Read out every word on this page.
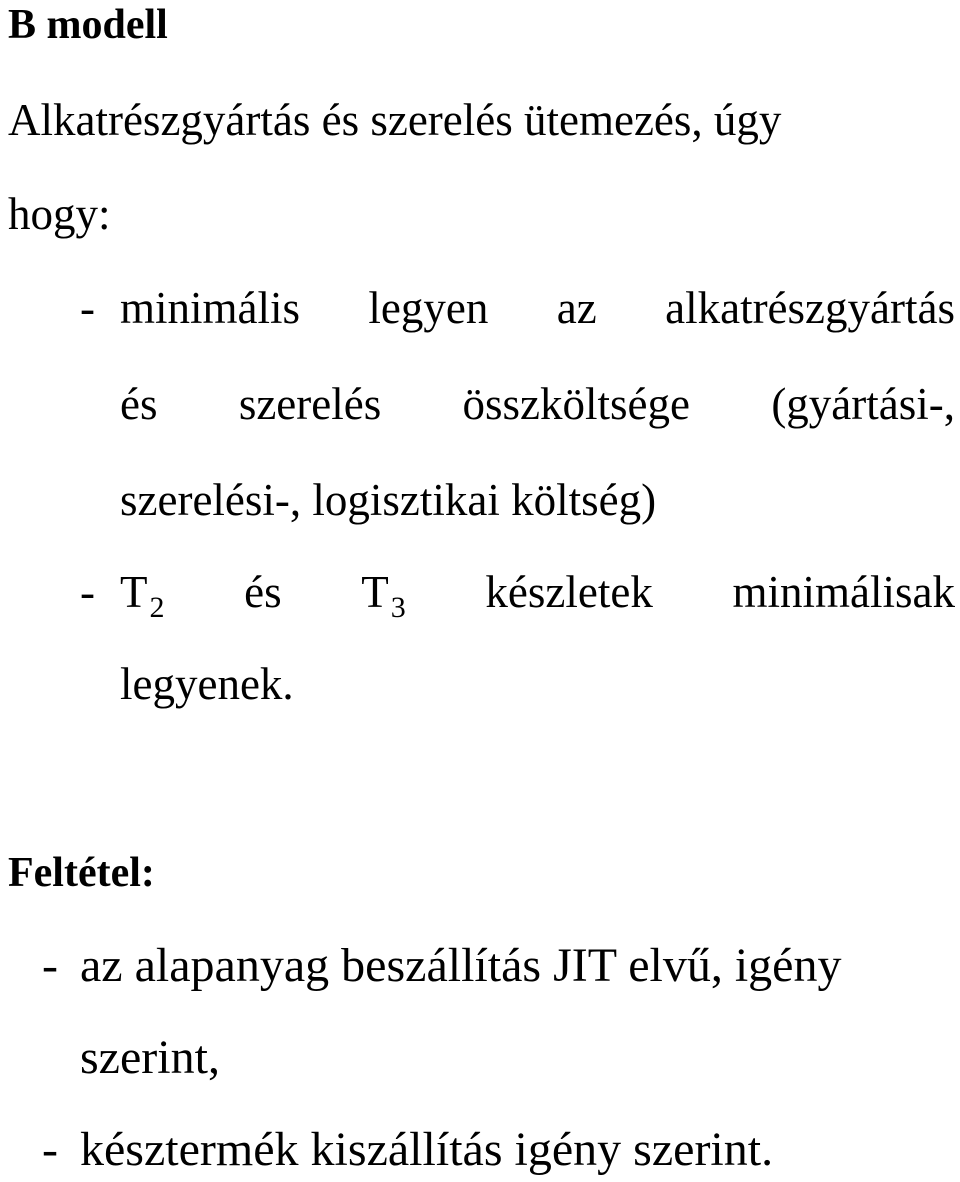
B modell
Alkatrészgyártás és szerelés ütemezés, úgy
hogy:
- minimális legyen az alkatrészgyártás
és szerelés összköltsége (gyártási-,
szerelési-, logisztikai költség)
- $T_2$ és $T_3$ készletek minimálisak
legyenek.
Feltétel:
- az alapanyag beszállítás JIT elvű, igény
szerint,
- késztermék kiszállítás igény szerint.
